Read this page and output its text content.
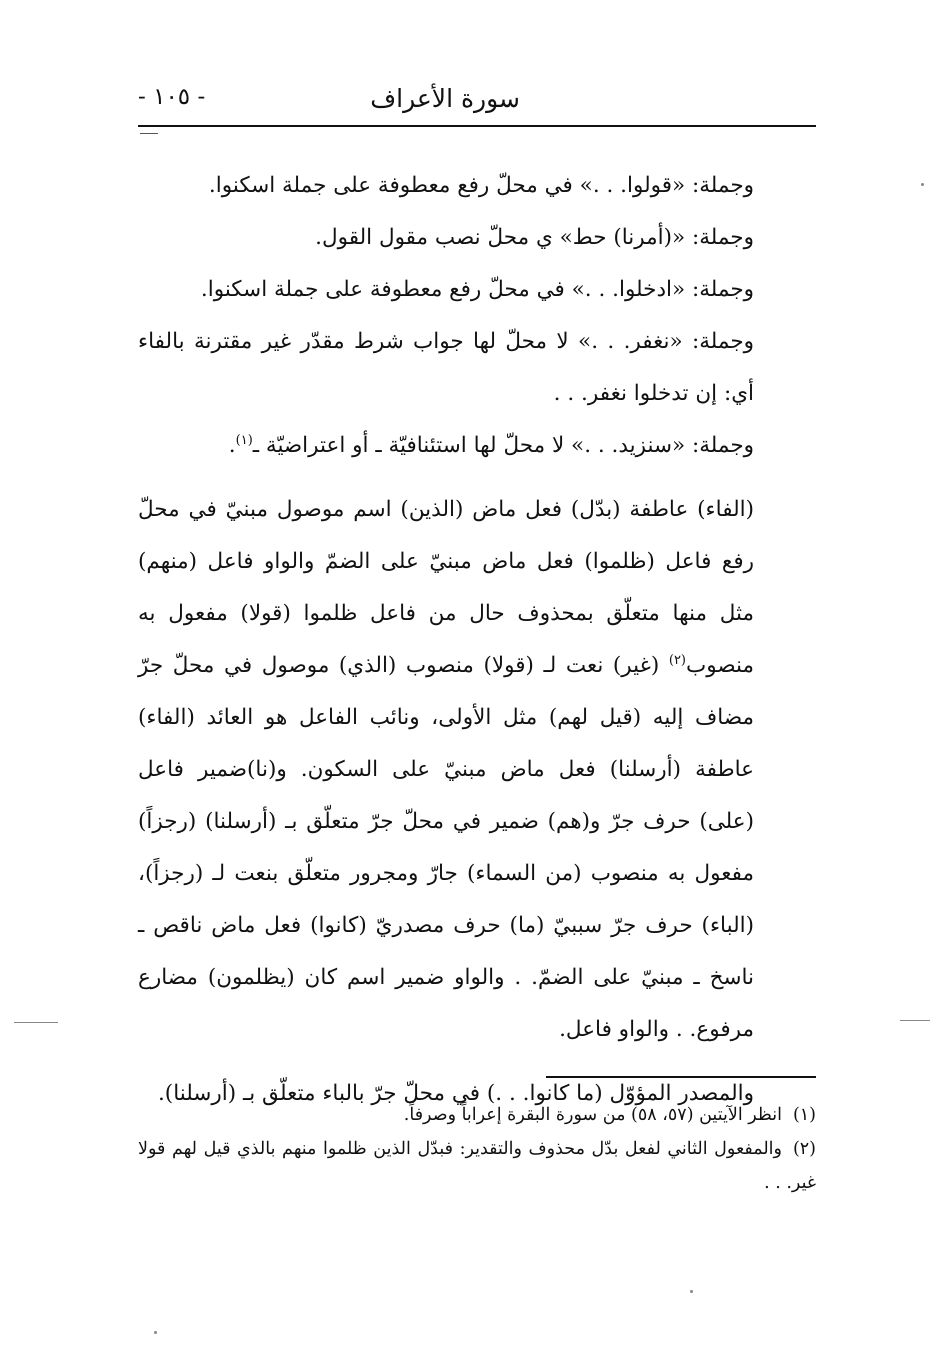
سورة الأعراف
- ١٠٥ -

وجملة: «قولوا. . .» في محلّ رفع معطوفة على جملة اسكنوا.

وجملة: «(أمرنا) حط» ي محلّ نصب مقول القول.

وجملة: «ادخلوا. . .» في محلّ رفع معطوفة على جملة اسكنوا.

وجملة: «نغفر. . .» لا محلّ لها جواب شرط مقدّر غير مقترنة بالفاء أي: إن تدخلوا نغفر. . .

وجملة: «سنزيد. . .» لا محلّ لها استئنافيّة ـ أو اعتراضيّة ـ$^{(١)}$.

(الفاء) عاطفة (بدّل) فعل ماض (الذين) اسم موصول مبنيّ في محلّ رفع فاعل (ظلموا) فعل ماض مبنيّ على الضمّ والواو فاعل (منهم) مثل منها متعلّق بمحذوف حال من فاعل ظلموا (قولا) مفعول به منصوب$^{(٢)}$ (غير) نعت لـ (قولا) منصوب (الذي) موصول في محلّ جرّ مضاف إليه (قيل لهم) مثل الأولى، ونائب الفاعل هو العائد (الفاء) عاطفة (أرسلنا) فعل ماض مبنيّ على السكون. و(نا)ضمير فاعل (على) حرف جرّ و(هم) ضمير في محلّ جرّ متعلّق بـ (أرسلنا) (رجزاً) مفعول به منصوب (من السماء) جارّ ومجرور متعلّق بنعت لـ (رجزاً)، (الباء) حرف جرّ سببيّ (ما) حرف مصدريّ (كانوا) فعل ماض ناقص ـ ناسخ ـ مبنيّ على الضمّ. . والواو ضمير اسم كان (يظلمون) مضارع مرفوع. . والواو فاعل.

والمصدر المؤوّل (ما كانوا. . .) في محلّ جرّ بالباء متعلّق بـ (أرسلنا).

(١)انظر الآيتين (٥٧، ٥٨) من سورة البقرة إعراباً وصرفاً.

(٢)والمفعول الثاني لفعل بدّل محذوف والتقدير: فبدّل الذين ظلموا منهم بالذي قيل لهم قولا غير. . .
